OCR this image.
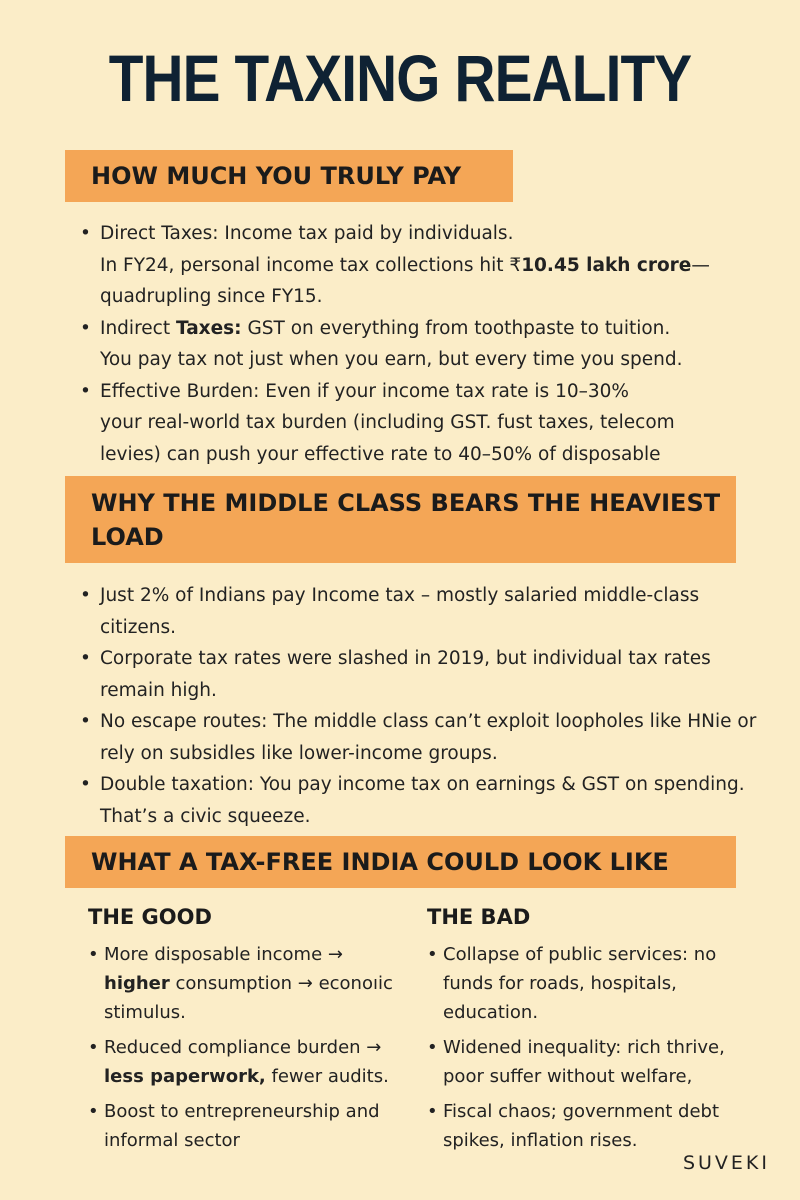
THE TAXING REALITY
HOW MUCH YOU TRULY PAY
• Direct Taxes: Income tax paid by individuals.
In FY24, personal income tax collections hit ₹10.45 lakh crore—
quadrupling since FY15.
• Indirect Taxes: GST on everything from toothpaste to tuition.
You pay tax not just when you earn, but every time you spend.
• Effective Burden: Even if your income tax rate is 10–30%
your real-world tax burden (including GST. fust taxes, telecom
levies) can push your effective rate to 40–50% of disposable
WHY THE MIDDLE CLASS BEARS THE HEAVIEST
LOAD
• Just 2% of Indians pay Income tax – mostly salaried middle-class citizens.
• Corporate tax rates were slashed in 2019, but individual tax rates remain high.
• No escape routes: The middle class can’t exploit loopholes like HNie or rely on subsidles like lower-income groups.
• Double taxation: You pay income tax on earnings & GST on spending. That’s a civic squeeze.
WHAT A TAX-FREE INDIA COULD LOOK LIKE
THE GOOD
• More disposable income →
higher consumption → econoıic
stimulus.
• Reduced compliance burden →
less paperwork, fewer audits.
• Boost to entrepreneurship and informal sector
THE BAD
• Collapse of public services: no funds for roads, hospitals, education.
• Widened inequality: rich thrive, poor suffer without welfare,
• Fiscal chaos; government debt spikes, inflation rises.
SUVEKI
